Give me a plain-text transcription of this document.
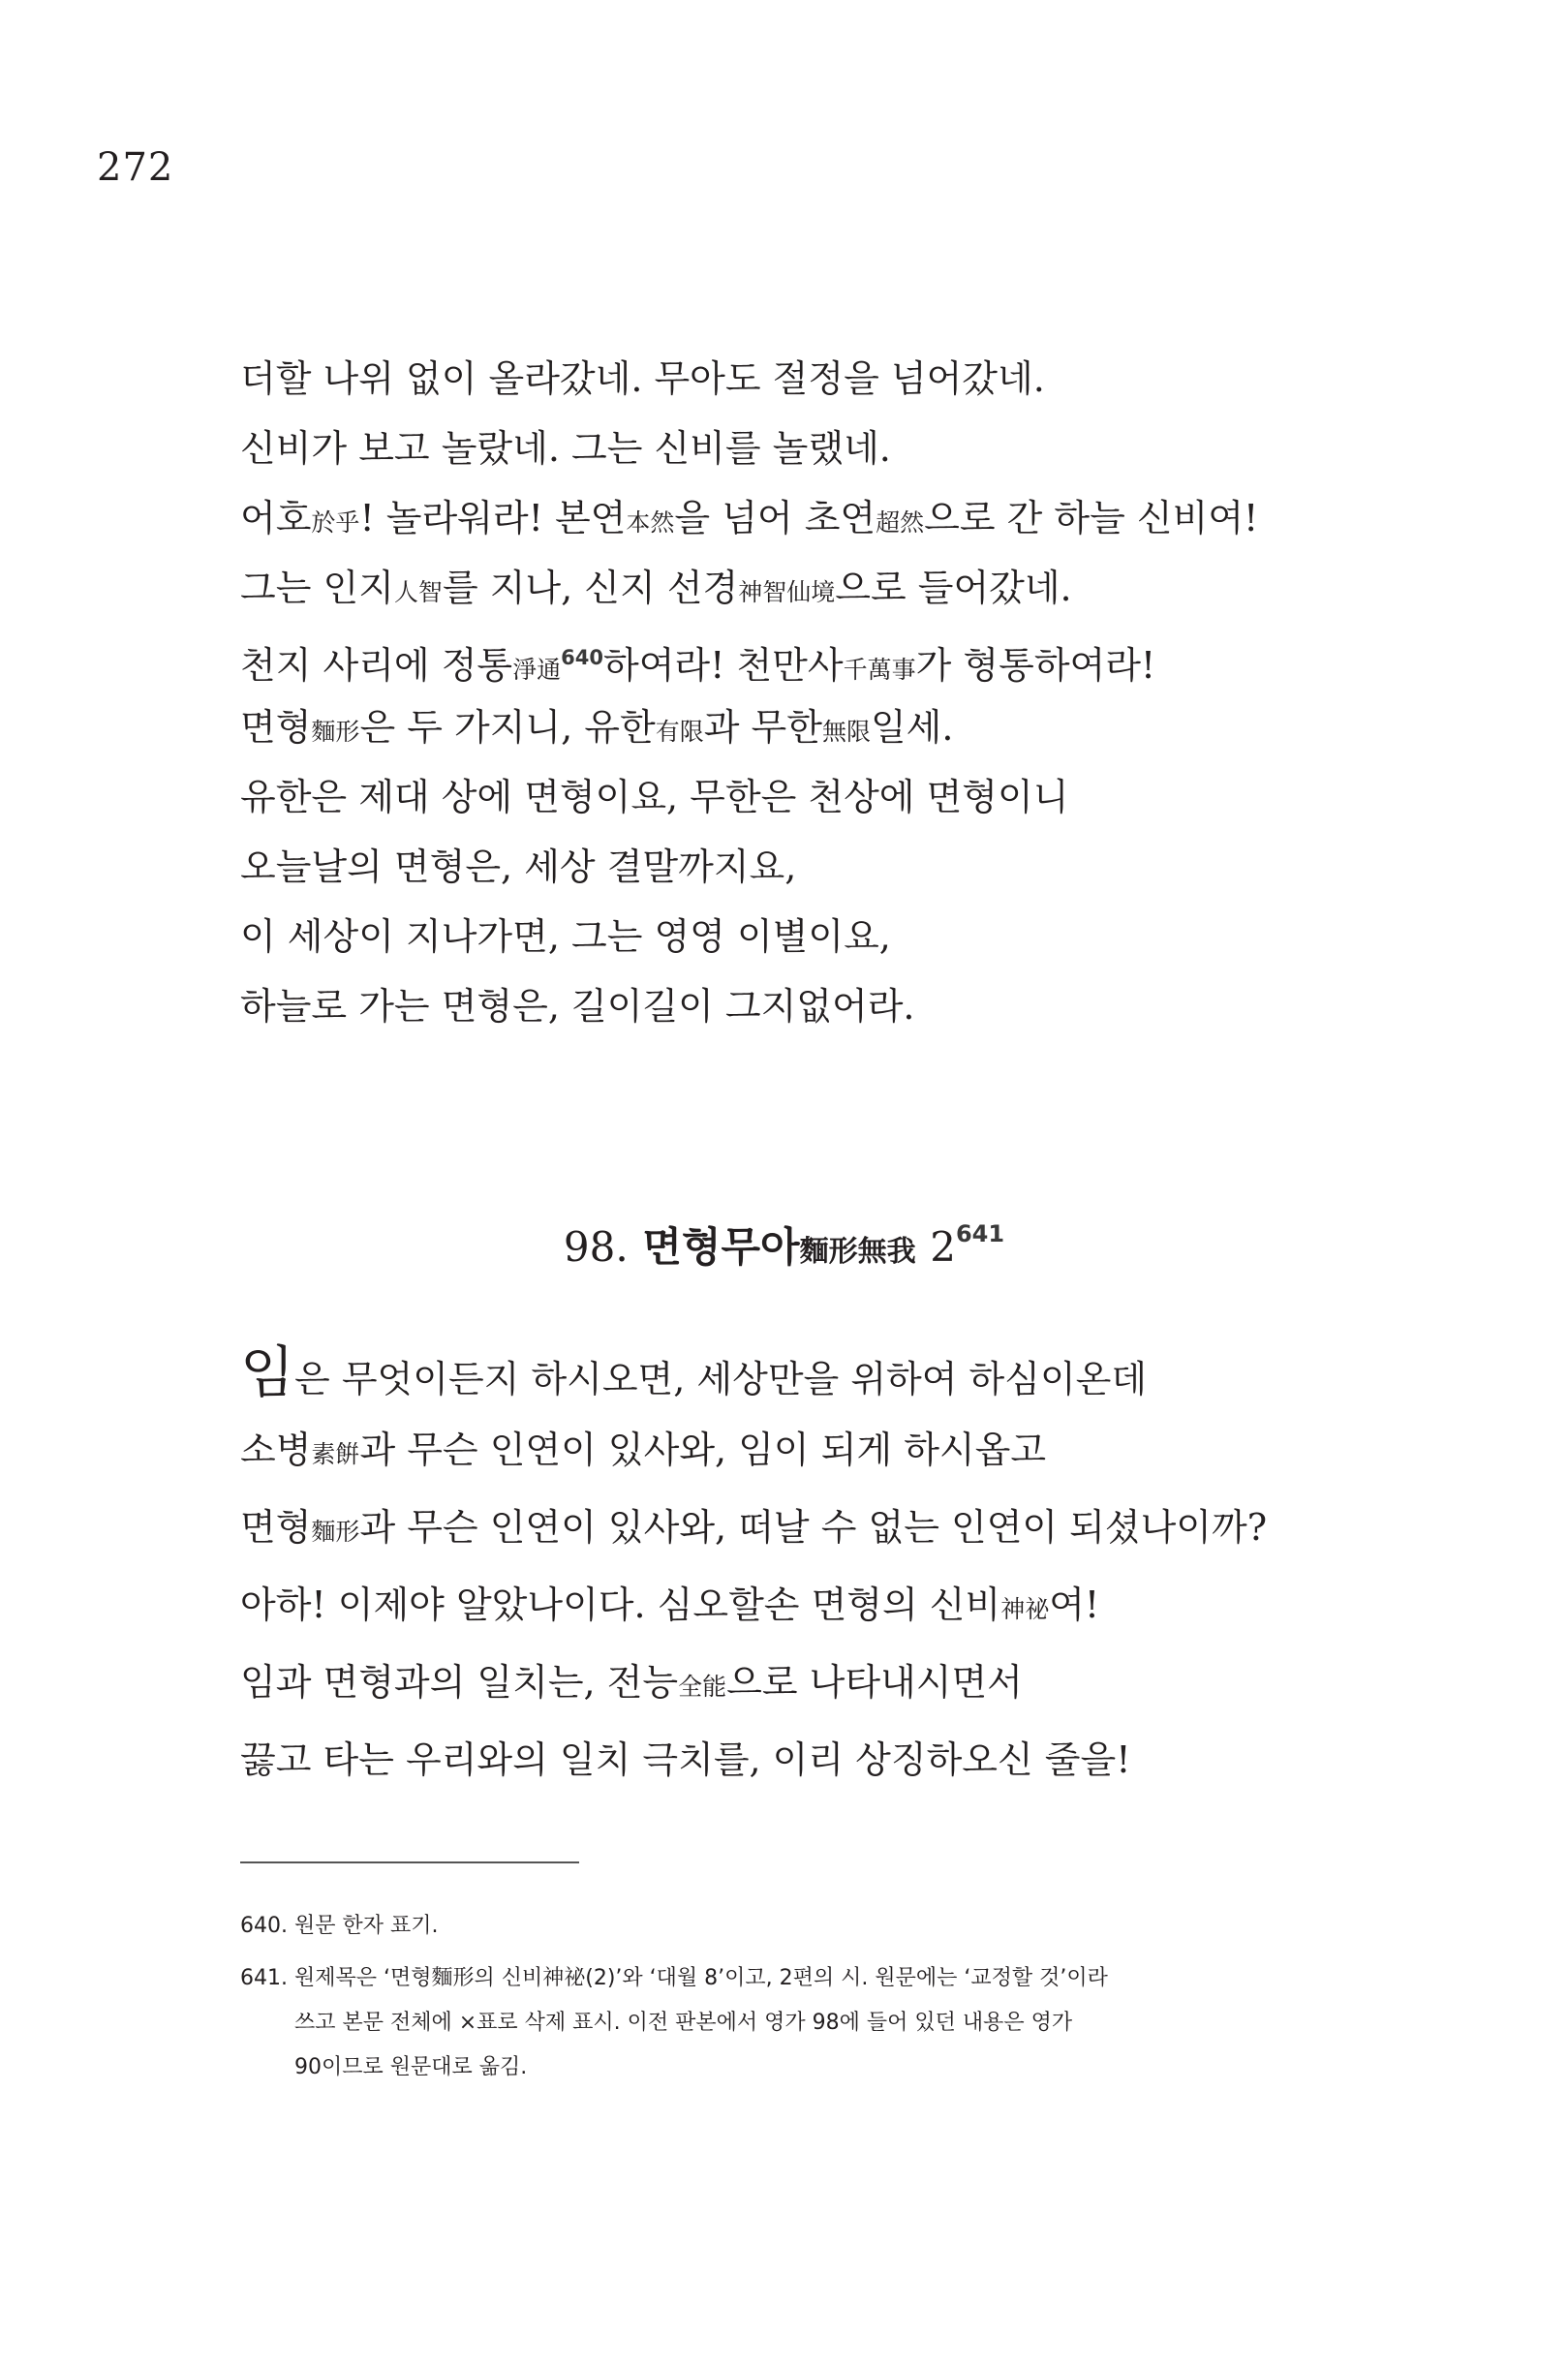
272
더할 나위 없이 올라갔네. 무아도 절정을 넘어갔네.
신비가 보고 놀랐네. 그는 신비를 놀랬네.
어호於乎! 놀라워라! 본연本然을 넘어 초연超然으로 간 하늘 신비여!
그는 인지人智를 지나, 신지 선경神智仙境으로 들어갔네.
천지 사리에 정통淨通$^{640}$하여라! 천만사千萬事가 형통하여라!
면형麵形은 두 가지니, 유한有限과 무한無限일세.
유한은 제대 상에 면형이요, 무한은 천상에 면형이니
오늘날의 면형은, 세상 결말까지요,
이 세상이 지나가면, 그는 영영 이별이요,
하늘로 가는 면형은, 길이길이 그지없어라.
98. 면형무아麵形無我 2$^{641}$
임은 무엇이든지 하시오면, 세상만을 위하여 하심이온데
소병素餠과 무슨 인연이 있사와, 임이 되게 하시옵고
면형麵形과 무슨 인연이 있사와, 떠날 수 없는 인연이 되셨나이까?
아하! 이제야 알았나이다. 심오할손 면형의 신비神祕여!
임과 면형과의 일치는, 전능全能으로 나타내시면서
끓고 타는 우리와의 일치 극치를, 이리 상징하오신 줄을!
640. 원문 한자 표기.
641. 원제목은 ‘면형麵形의 신비神祕(2)’와 ‘대월 8’이고, 2편의 시. 원문에는 ‘교정할 것’이라
쓰고 본문 전체에 ×표로 삭제 표시. 이전 판본에서 영가 98에 들어 있던 내용은 영가
90이므로 원문대로 옮김.
